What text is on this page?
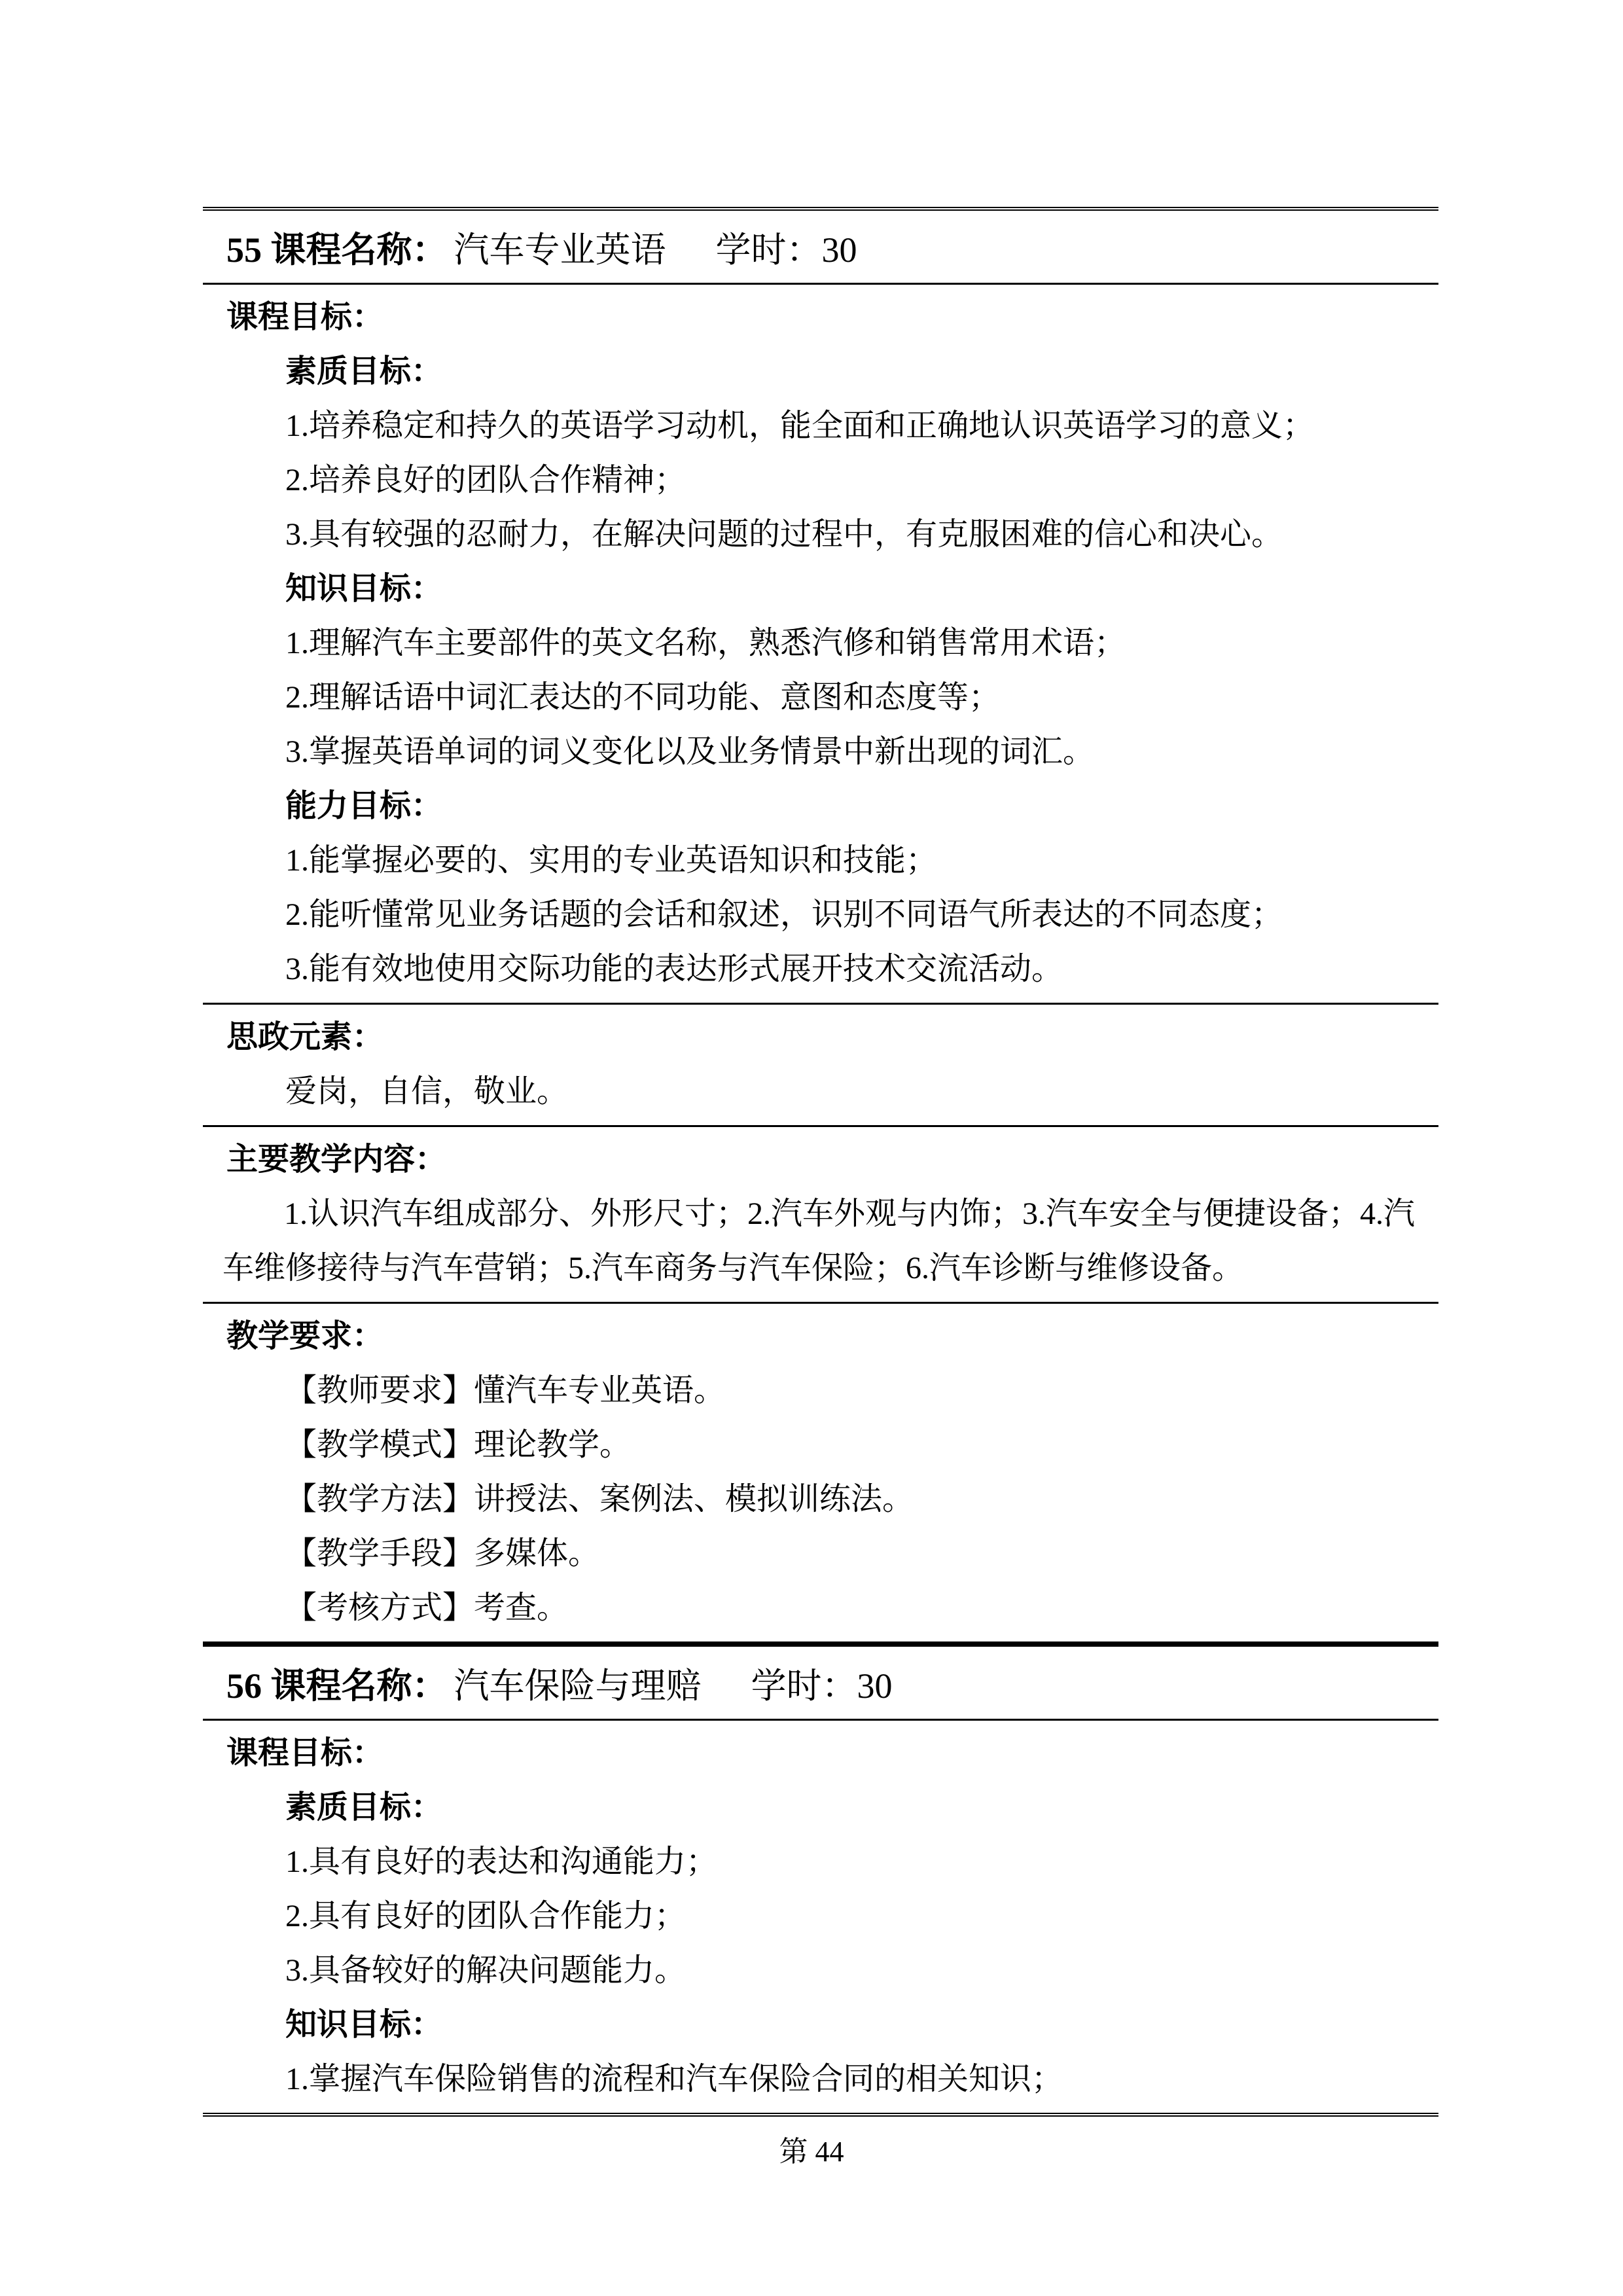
55 课程名称： 汽车专业英语 学时：30
课程目标：
素质目标：
1.培养稳定和持久的英语学习动机，能全面和正确地认识英语学习的意义；
2.培养良好的团队合作精神；
3.具有较强的忍耐力，在解决问题的过程中，有克服困难的信心和决心。
知识目标：
1.理解汽车主要部件的英文名称，熟悉汽修和销售常用术语；
2.理解话语中词汇表达的不同功能、意图和态度等；
3.掌握英语单词的词义变化以及业务情景中新出现的词汇。
能力目标：
1.能掌握必要的、实用的专业英语知识和技能；
2.能听懂常见业务话题的会话和叙述，识别不同语气所表达的不同态度；
3.能有效地使用交际功能的表达形式展开技术交流活动。
思政元素：
爱岗，自信，敬业。
主要教学内容：
1.认识汽车组成部分、外形尺寸；2.汽车外观与内饰；3.汽车安全与便捷设备；4.汽车维修接待与汽车营销；5.汽车商务与汽车保险；6.汽车诊断与维修设备。
教学要求：
【教师要求】懂汽车专业英语。
【教学模式】理论教学。
【教学方法】讲授法、案例法、模拟训练法。
【教学手段】多媒体。
【考核方式】考查。
56 课程名称： 汽车保险与理赔 学时：30
课程目标：
素质目标：
1.具有良好的表达和沟通能力；
2.具有良好的团队合作能力；
3.具备较好的解决问题能力。
知识目标：
1.掌握汽车保险销售的流程和汽车保险合同的相关知识；
第 44
